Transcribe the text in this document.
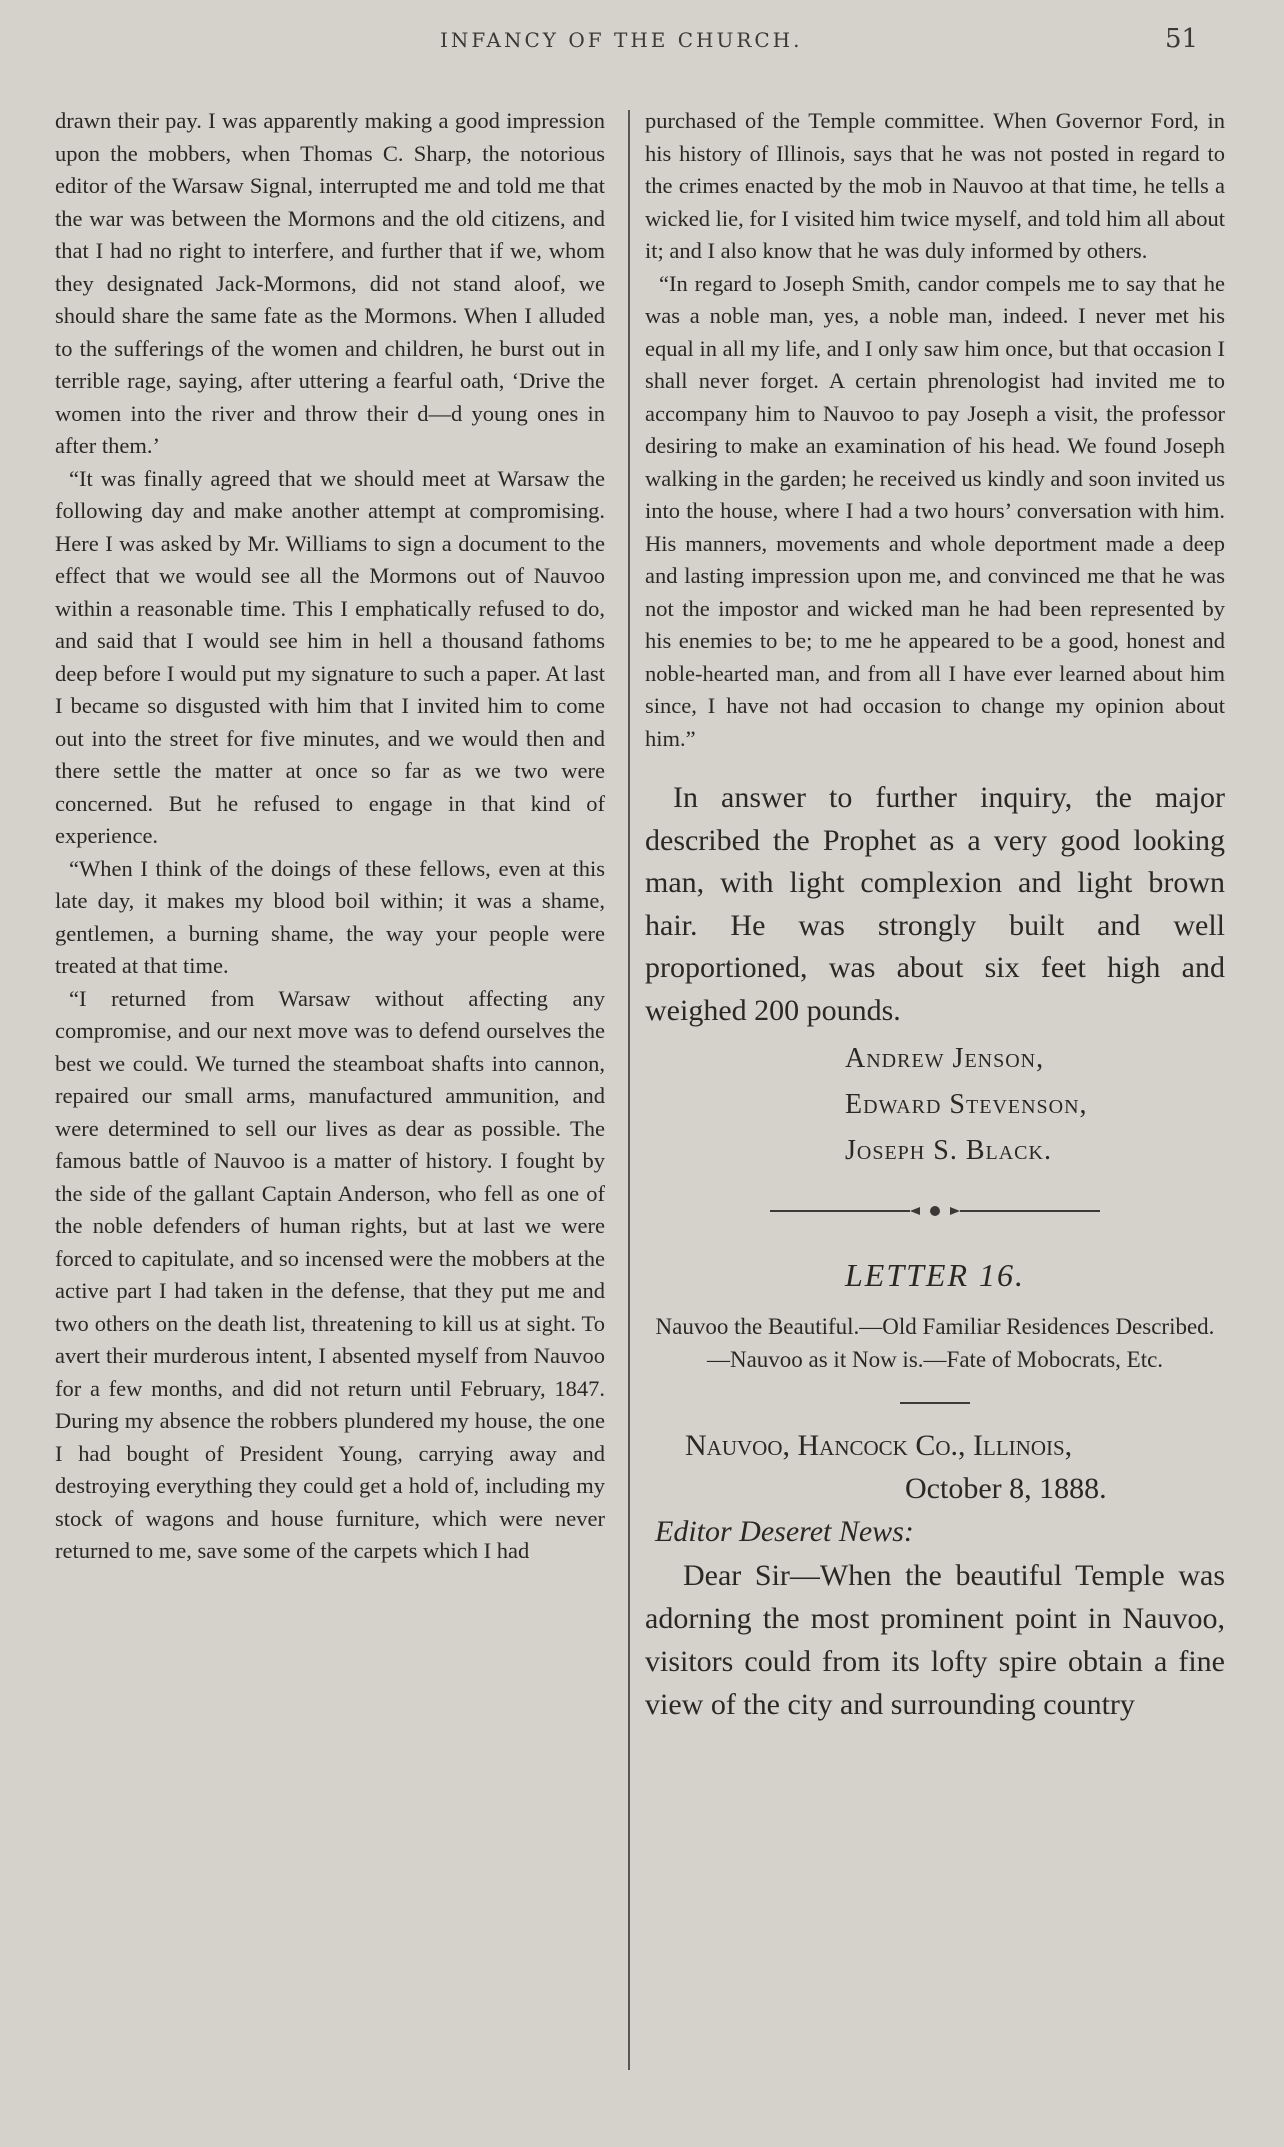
INFANCY OF THE CHURCH.	51

drawn their pay. I was apparently making a good impression upon the mobbers, when Thomas C. Sharp, the notorious editor of the Warsaw Signal, interrupted me and told me that the war was between the Mormons and the old citizens, and that I had no right to interfere, and further that if we, whom they designated Jack-Mormons, did not stand aloof, we should share the same fate as the Mormons. When I alluded to the sufferings of the women and children, he burst out in terrible rage, saying, after uttering a fearful oath, ‘Drive the women into the river and throw their d—d young ones in after them.’

“It was finally agreed that we should meet at Warsaw the following day and make another attempt at compromising. Here I was asked by Mr. Williams to sign a document to the effect that we would see all the Mormons out of Nauvoo within a reasonable time. This I emphatically refused to do, and said that I would see him in hell a thousand fathoms deep before I would put my signature to such a paper. At last I became so disgusted with him that I invited him to come out into the street for five minutes, and we would then and there settle the matter at once so far as we two were concerned. But he refused to engage in that kind of experience.

“When I think of the doings of these fellows, even at this late day, it makes my blood boil within; it was a shame, gentlemen, a burning shame, the way your people were treated at that time.

“I returned from Warsaw without affecting any compromise, and our next move was to defend ourselves the best we could. We turned the steamboat shafts into cannon, repaired our small arms, manufactured ammunition, and were determined to sell our lives as dear as possible. The famous battle of Nauvoo is a matter of history. I fought by the side of the gallant Captain Anderson, who fell as one of the noble defenders of human rights, but at last we were forced to capitulate, and so incensed were the mobbers at the active part I had taken in the defense, that they put me and two others on the death list, threatening to kill us at sight. To avert their murderous intent, I absented myself from Nauvoo for a few months, and did not return until February, 1847. During my absence the robbers plundered my house, the one I had bought of President Young, carrying away and destroying everything they could get a hold of, including my stock of wagons and house furniture, which were never returned to me, save some of the carpets which I had

purchased of the Temple committee. When Governor Ford, in his history of Illinois, says that he was not posted in regard to the crimes enacted by the mob in Nauvoo at that time, he tells a wicked lie, for I visited him twice myself, and told him all about it; and I also know that he was duly informed by others.

“In regard to Joseph Smith, candor compels me to say that he was a noble man, yes, a noble man, indeed. I never met his equal in all my life, and I only saw him once, but that occasion I shall never forget. A certain phrenologist had invited me to accompany him to Nauvoo to pay Joseph a visit, the professor desiring to make an examination of his head. We found Joseph walking in the garden; he received us kindly and soon invited us into the house, where I had a two hours’ conversation with him. His manners, movements and whole deportment made a deep and lasting impression upon me, and convinced me that he was not the impostor and wicked man he had been represented by his enemies to be; to me he appeared to be a good, honest and noble-hearted man, and from all I have ever learned about him since, I have not had occasion to change my opinion about him.”

In answer to further inquiry, the major described the Prophet as a very good looking man, with light complexion and light brown hair. He was strongly built and well proportioned, was about six feet high and weighed 200 pounds.

Andrew Jenson,
Edward Stevenson,
Joseph S. Black.
LETTER 16.
Nauvoo the Beautiful.—Old Familiar Residences Described.—Nauvoo as it Now is.—Fate of Mobocrats, Etc.
Nauvoo, Hancock Co., Illinois,
October 8, 1888.
Editor Deseret News:

Dear Sir—When the beautiful Temple was adorning the most prominent point in Nauvoo, visitors could from its lofty spire obtain a fine view of the city and surrounding country
